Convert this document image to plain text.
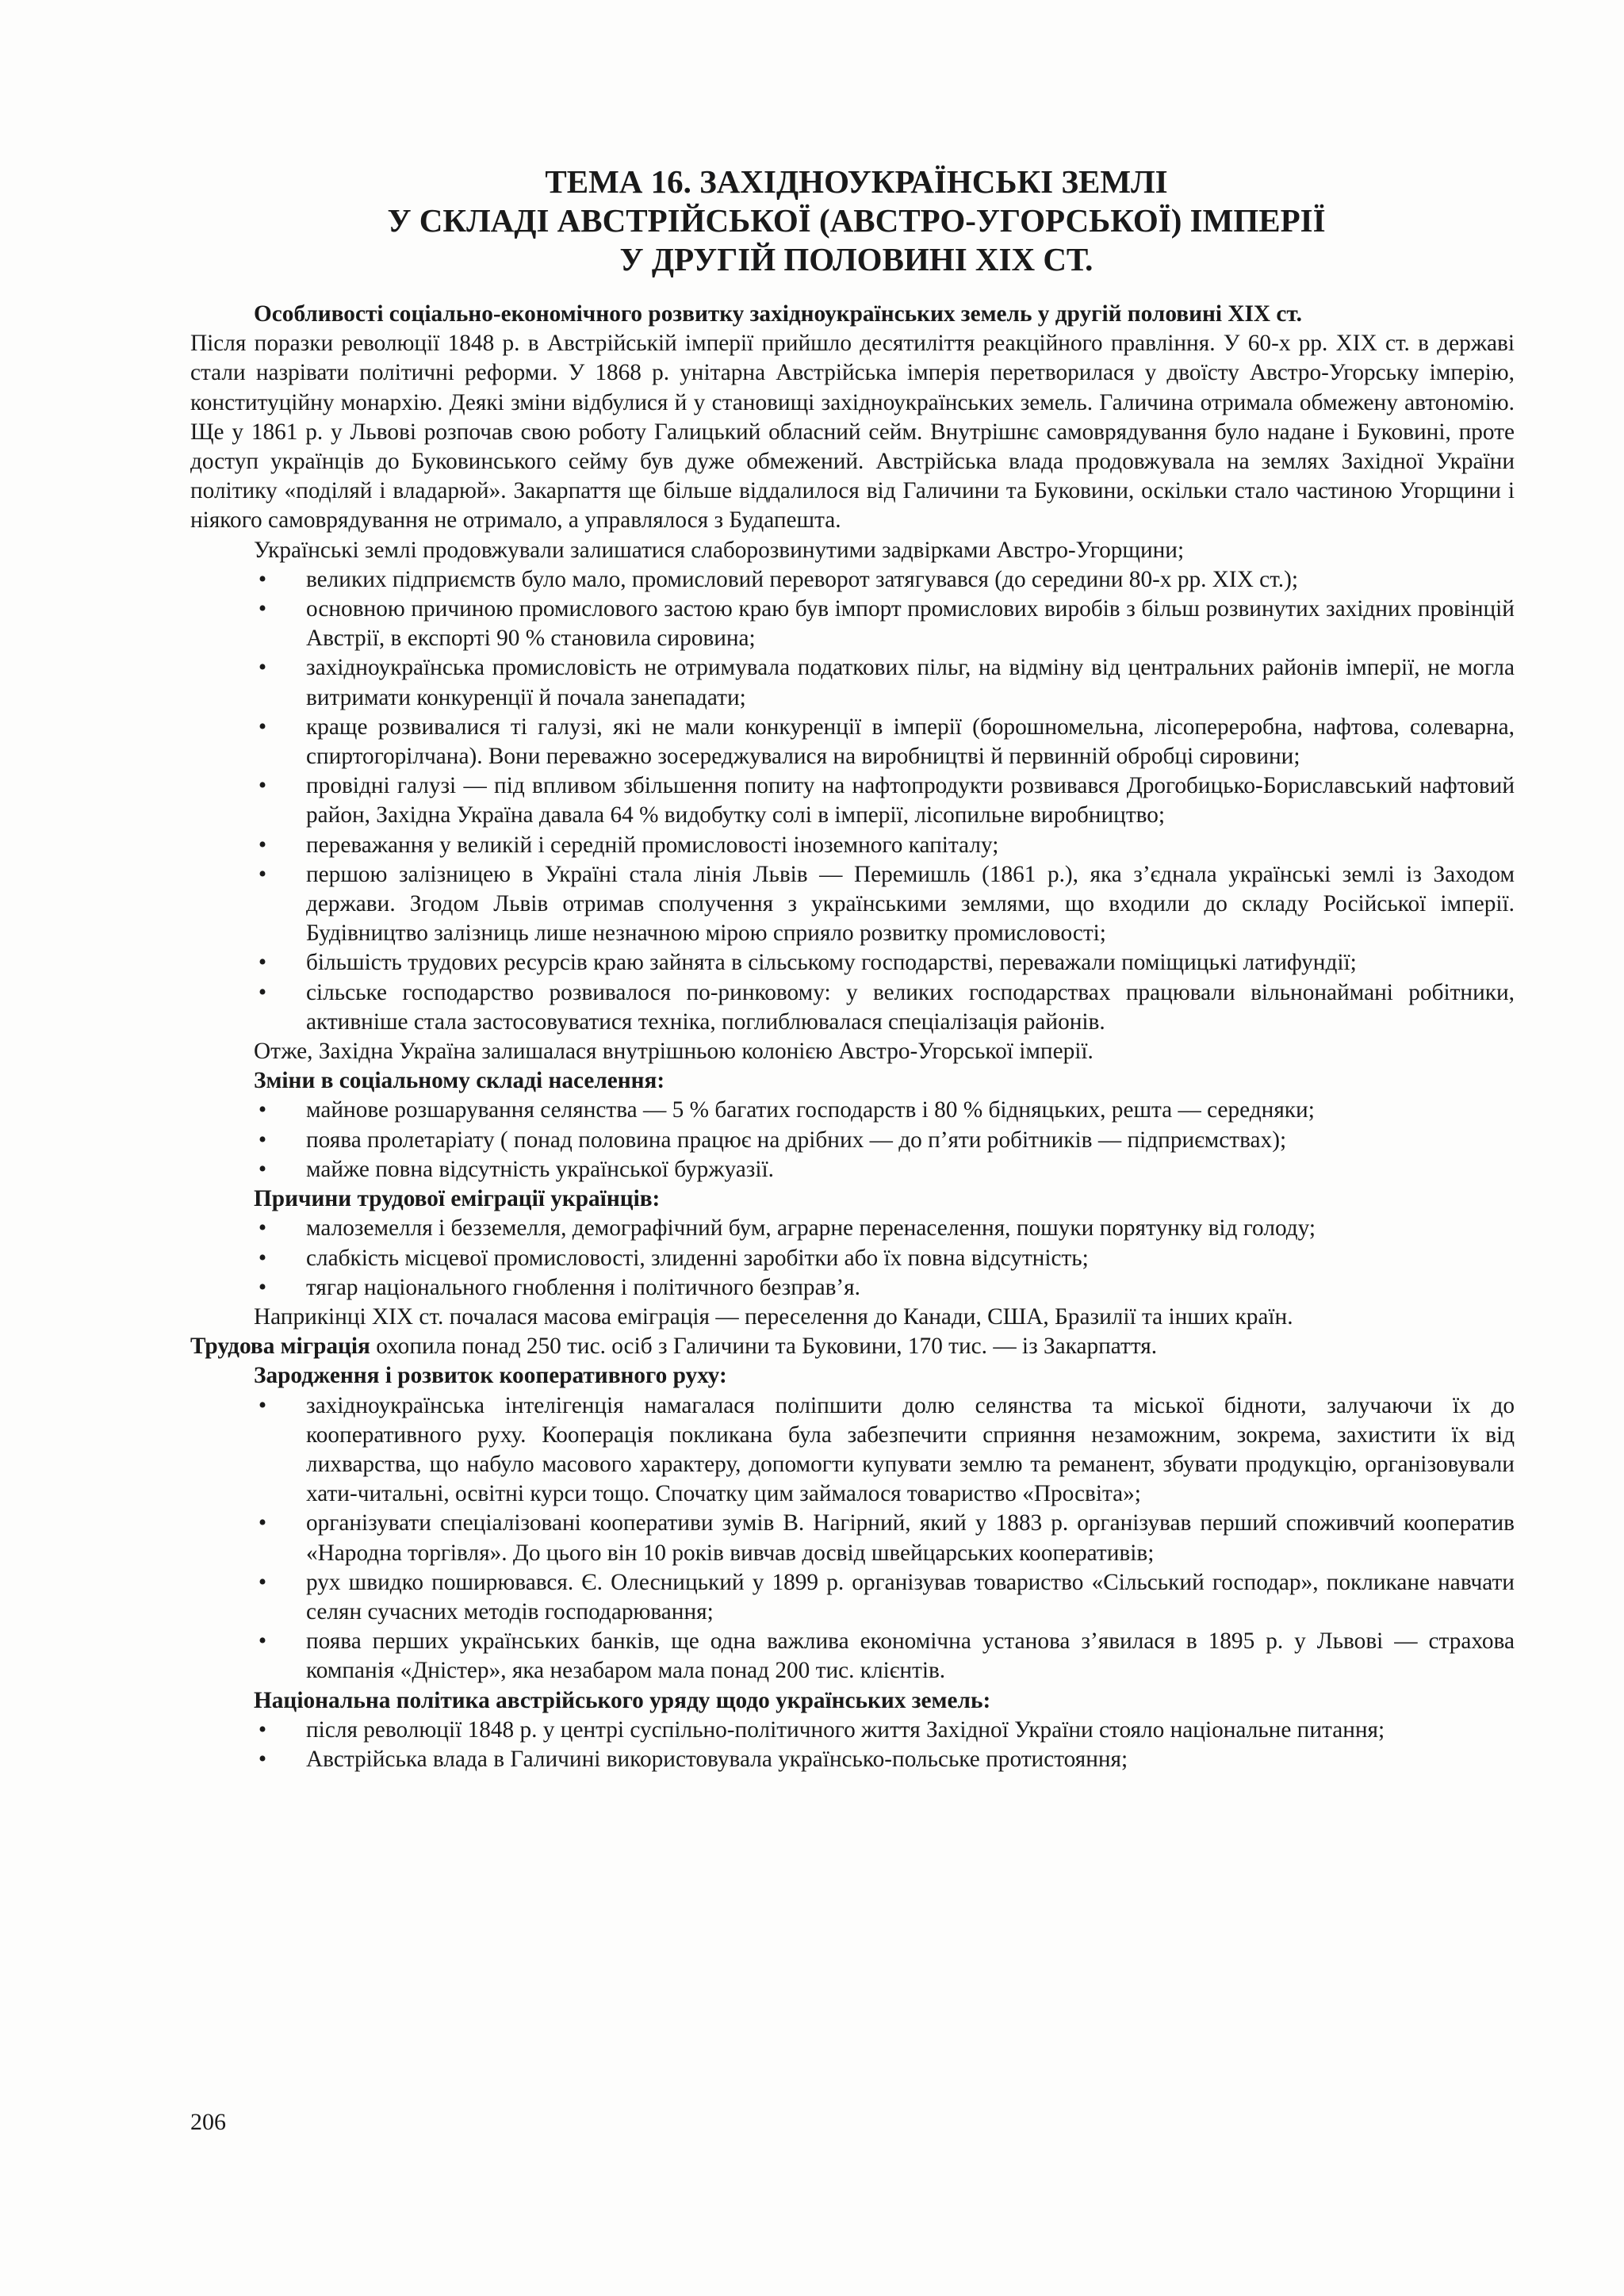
ТЕМА 16. ЗАХІДНОУКРАЇНСЬКІ ЗЕМЛІ
У СКЛАДІ АВСТРІЙСЬКОЇ (АВСТРО-УГОРСЬКОЇ) ІМПЕРІЇ
У ДРУГІЙ ПОЛОВИНІ XIX СТ.

Особливості соціально-економічного розвитку західноукраїнських земель у другій половині XIX ст.

Після поразки революції 1848 р. в Австрійській імперії прийшло десятиліття реакційного правління. У 60-х рр. XIX ст. в державі стали назрівати політичні реформи. У 1868 р. унітарна Австрійська імперія перетворилася у двоїсту Австро-Угорську імперію, конституційну монархію. Деякі зміни відбулися й у становищі західноукраїнських земель. Галичина отримала обмежену автономію. Ще у 1861 р. у Львові розпочав свою роботу Галицький обласний сейм. Внутрішнє самоврядування було надане і Буковині, проте доступ українців до Буковинського сейму був дуже обмежений. Австрійська влада продовжувала на землях Західної України політику «поділяй і владарюй». Закарпаття ще більше віддалилося від Галичини та Буковини, оскільки стало частиною Угорщини і ніякого самоврядування не отримало, а управлялося з Будапешта.

Українські землі продовжували залишатися слаборозвинутими задвірками Австро-Угорщини;

•	великих підприємств було мало, промисловий переворот затягувався (до середини 80-х рр. XIX ст.);
•	основною причиною промислового застою краю був імпорт промислових виробів з більш розвинутих західних провінцій Австрії, в експорті 90 % становила сировина;
•	західноукраїнська промисловість не отримувала податкових пільг, на відміну від центральних районів імперії, не могла витримати конкуренції й почала занепадати;
•	краще розвивалися ті галузі, які не мали конкуренції в імперії (борошномельна, лісопереробна, нафтова, солеварна, спиртогорілчана). Вони переважно зосереджувалися на виробництві й первинній обробці сировини;
•	провідні галузі — під впливом збільшення попиту на нафтопродукти розвивався Дрогобицько-Бориславський нафтовий район, Західна Україна давала 64 % видобутку солі в імперії, лісопильне виробництво;
•	переважання у великій і середній промисловості іноземного капіталу;
•	першою залізницею в Україні стала лінія Львів — Перемишль (1861 р.), яка з’єднала українські землі із Заходом держави. Згодом Львів отримав сполучення з українськими землями, що входили до складу Російської імперії. Будівництво залізниць лише незначною мірою сприяло розвитку промисловості;
•	більшість трудових ресурсів краю зайнята в сільському господарстві, переважали поміщицькі латифундії;
•	сільське господарство розвивалося по-ринковому: у великих господарствах працювали вільнонаймані робітники, активніше стала застосовуватися техніка, поглиблювалася спеціалізація районів.

Отже, Західна Україна залишалася внутрішньою колонією Австро-Угорської імперії.

Зміни в соціальному складі населення:

•	майнове розшарування селянства — 5 % багатих господарств і 80 % бідняцьких, решта — середняки;
•	поява пролетаріату ( понад половина працює на дрібних — до п’яти робітників — підприємствах);
•	майже повна відсутність української буржуазії.

Причини трудової еміграції українців:

•	малоземелля і безземелля, демографічний бум, аграрне перенаселення, пошуки порятунку від голоду;
•	слабкість місцевої промисловості, злиденні заробітки або їх повна відсутність;
•	тягар національного гноблення і політичного безправ’я.

Наприкінці XIX ст. почалася масова еміграція — переселення до Канади, США, Бразилії та інших країн.

Трудова міграція охопила понад 250 тис. осіб з Галичини та Буковини, 170 тис. — із Закарпаття.

Зародження і розвиток кооперативного руху:

•	західноукраїнська інтелігенція намагалася поліпшити долю селянства та міської бідноти, залучаючи їх до кооперативного руху. Кооперація покликана була забезпечити сприяння незаможним, зокрема, захистити їх від лихварства, що набуло масового характеру, допомогти купувати землю та реманент, збувати продукцію, організовували хати-читальні, освітні курси тощо. Спочатку цим займалося товариство «Просвіта»;
•	організувати спеціалізовані кооперативи зумів В. Нагірний, який у 1883 р. організував перший споживчий кооператив «Народна торгівля». До цього він 10 років вивчав досвід швейцарських кооперативів;
•	рух швидко поширювався. Є. Олесницький у 1899 р. організував товариство «Сільський господар», покликане навчати селян сучасних методів господарювання;
•	поява перших українських банків, ще одна важлива економічна установа з’явилася в 1895 р. у Львові — страхова компанія «Дністер», яка незабаром мала понад 200 тис. клієнтів.

Національна політика австрійського уряду щодо українських земель:

•	після революції 1848 р. у центрі суспільно-політичного життя Західної України стояло національне питання;
•	Австрійська влада в Галичині використовувала українсько-польське протистояння;
206
